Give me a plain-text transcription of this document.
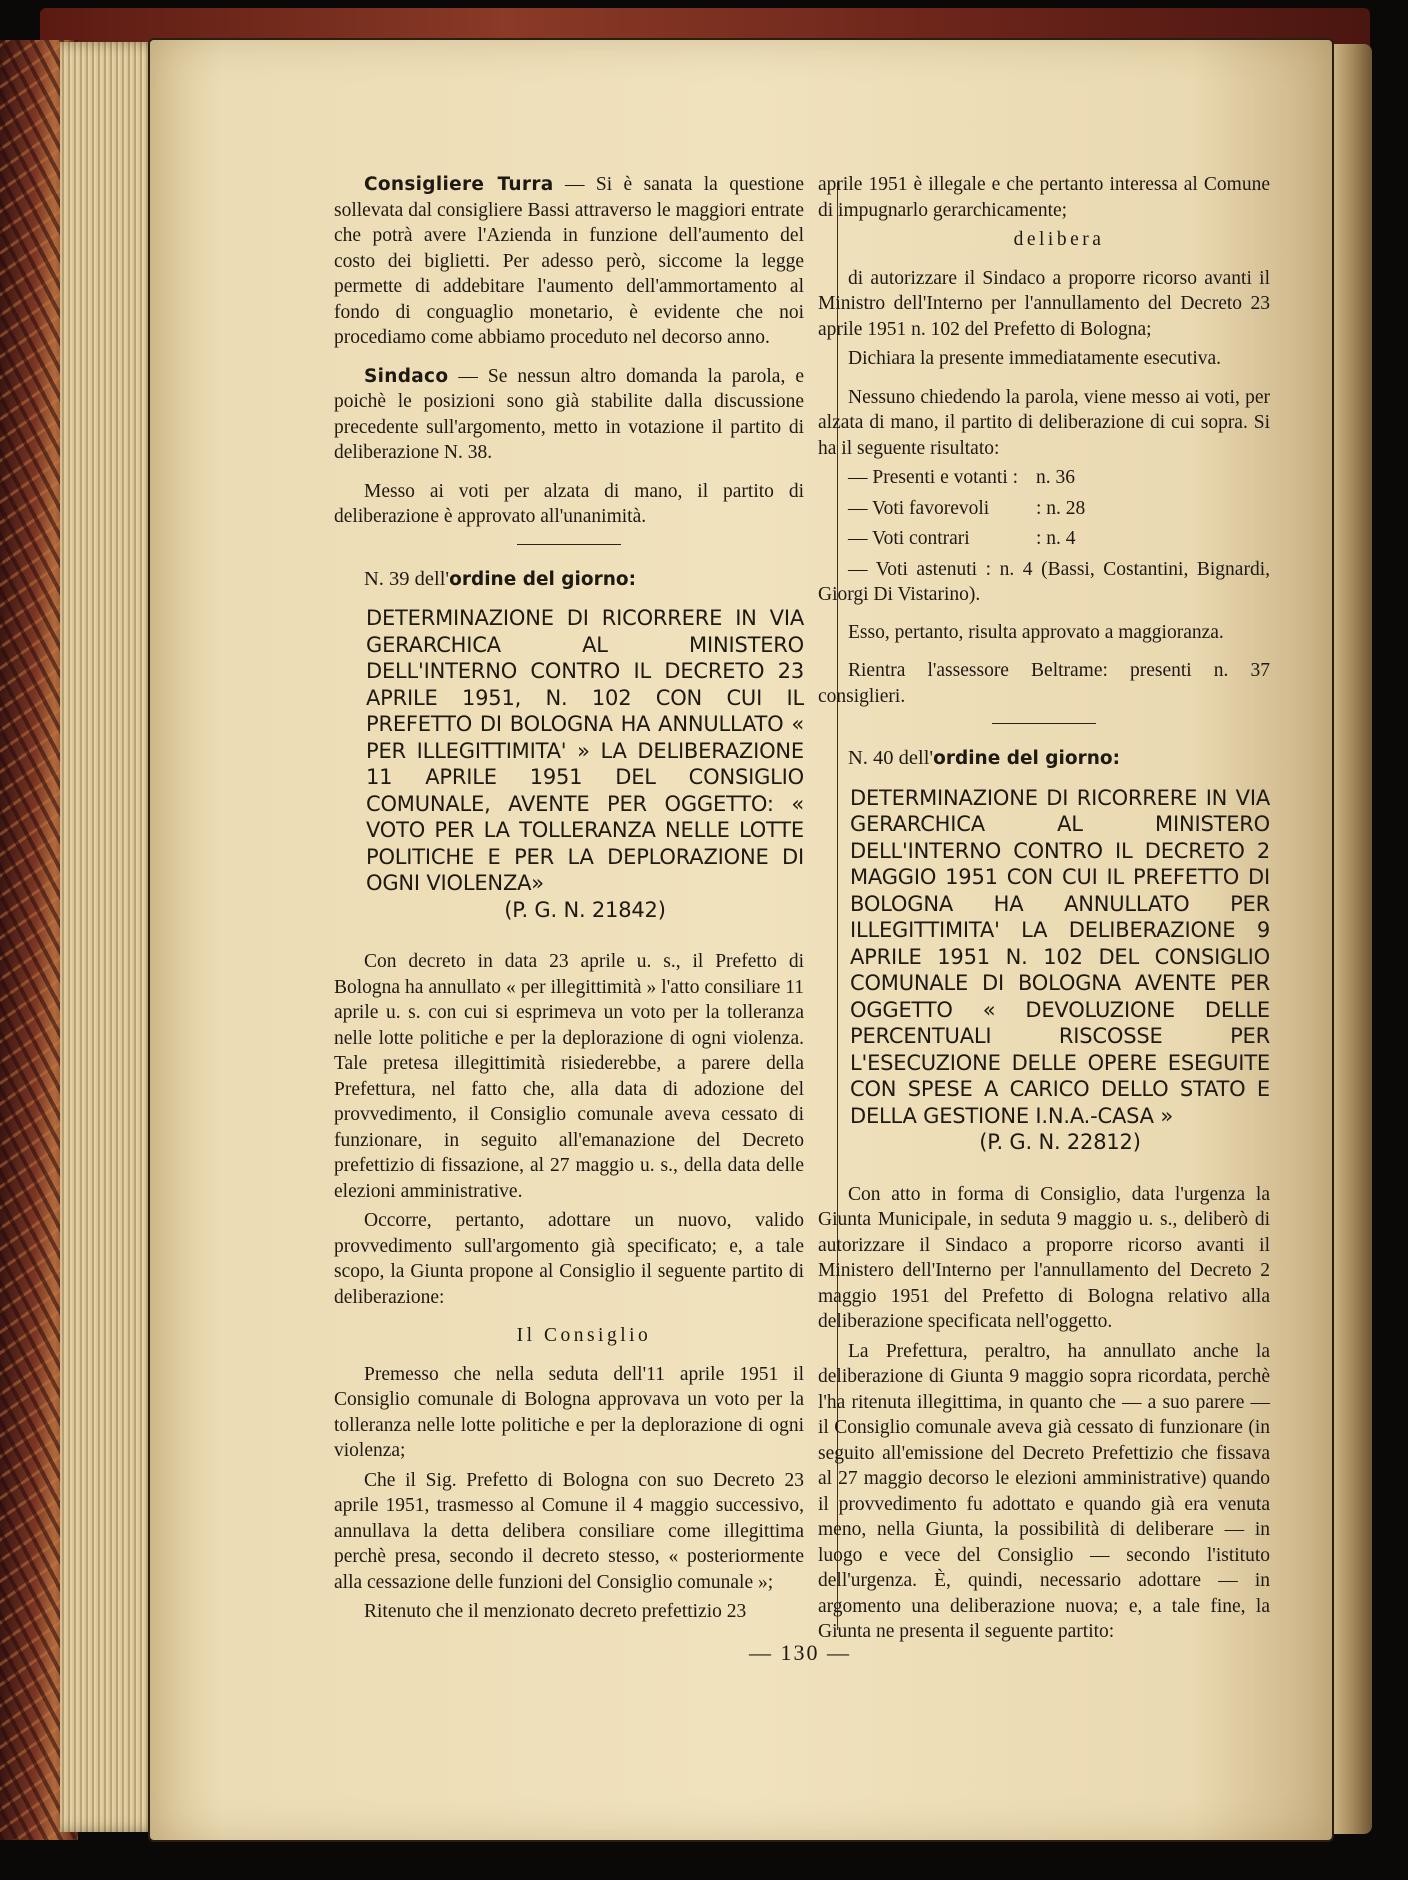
Consigliere Turra — Si è sanata la questione sollevata dal consigliere Bassi attraverso le maggiori entrate che potrà avere l'Azienda in funzione dell'aumento del costo dei biglietti. Per adesso però, siccome la legge permette di addebitare l'aumento dell'ammortamento al fondo di conguaglio monetario, è evidente che noi procediamo come abbiamo proceduto nel decorso anno.

Sindaco — Se nessun altro domanda la parola, e poichè le posizioni sono già stabilite dalla discussione precedente sull'argomento, metto in votazione il partito di deliberazione N. 38.

Messo ai voti per alzata di mano, il partito di deliberazione è approvato all'unanimità.

N. 39 dell'ordine del giorno:

DETERMINAZIONE DI RICORRERE IN VIA GERARCHICA AL MINISTERO DELL'INTERNO CONTRO IL DECRETO 23 APRILE 1951, N. 102 CON CUI IL PREFETTO DI BOLOGNA HA ANNULLATO « PER ILLEGITTIMITA' » LA DELIBERAZIONE 11 APRILE 1951 DEL CONSIGLIO COMUNALE, AVENTE PER OGGETTO: « VOTO PER LA TOLLERANZA NELLE LOTTE POLITICHE E PER LA DEPLORAZIONE DI OGNI VIOLENZA»
(P. G. N. 21842)

Con decreto in data 23 aprile u. s., il Prefetto di Bologna ha annullato « per illegittimità » l'atto consiliare 11 aprile u. s. con cui si esprimeva un voto per la tolleranza nelle lotte politiche e per la deplorazione di ogni violenza. Tale pretesa illegittimità risiederebbe, a parere della Prefettura, nel fatto che, alla data di adozione del provvedimento, il Consiglio comunale aveva cessato di funzionare, in seguito all'emanazione del Decreto prefettizio di fissazione, al 27 maggio u. s., della data delle elezioni amministrative.

Occorre, pertanto, adottare un nuovo, valido provvedimento sull'argomento già specificato; e, a tale scopo, la Giunta propone al Consiglio il seguente partito di deliberazione:

Il Consiglio

Premesso che nella seduta dell'11 aprile 1951 il Consiglio comunale di Bologna approvava un voto per la tolleranza nelle lotte politiche e per la deplorazione di ogni violenza;

Che il Sig. Prefetto di Bologna con suo Decreto 23 aprile 1951, trasmesso al Comune il 4 maggio successivo, annullava la detta delibera consiliare come illegittima perchè presa, secondo il decreto stesso, « posteriormente alla cessazione delle funzioni del Consiglio comunale »;

Ritenuto che il menzionato decreto prefettizio 23

aprile 1951 è illegale e che pertanto interessa al Comune di impugnarlo gerarchicamente;

delibera

di autorizzare il Sindaco a proporre ricorso avanti il Ministro dell'Interno per l'annullamento del Decreto 23 aprile 1951 n. 102 del Prefetto di Bologna;

Dichiara la presente immediatamente esecutiva.

Nessuno chiedendo la parola, viene messo ai voti, per alzata di mano, il partito di deliberazione di cui sopra. Si ha il seguente risultato:

— Presenti e votanti : n. 36
— Voti favorevoli	: n. 28
— Voti contrari	: n. 4

— Voti astenuti : n. 4 (Bassi, Costantini, Bignardi, Giorgi Di Vistarino).

Esso, pertanto, risulta approvato a maggioranza.

Rientra l'assessore Beltrame: presenti n. 37 consiglieri.

N. 40 dell'ordine del giorno:

DETERMINAZIONE DI RICORRERE IN VIA GERARCHICA AL MINISTERO DELL'INTERNO CONTRO IL DECRETO 2 MAGGIO 1951 CON CUI IL PREFETTO DI BOLOGNA HA ANNULLATO PER ILLEGITTIMITA' LA DELIBERAZIONE 9 APRILE 1951 N. 102 DEL CONSIGLIO COMUNALE DI BOLOGNA AVENTE PER OGGETTO « DEVOLUZIONE DELLE PERCENTUALI RISCOSSE PER L'ESECUZIONE DELLE OPERE ESEGUITE CON SPESE A CARICO DELLO STATO E DELLA GESTIONE I.N.A.-CASA »
(P. G. N. 22812)

Con atto in forma di Consiglio, data l'urgenza la Giunta Municipale, in seduta 9 maggio u. s., deliberò di autorizzare il Sindaco a proporre ricorso avanti il Ministero dell'Interno per l'annullamento del Decreto 2 maggio 1951 del Prefetto di Bologna relativo alla deliberazione specificata nell'oggetto.

La Prefettura, peraltro, ha annullato anche la deliberazione di Giunta 9 maggio sopra ricordata, perchè l'ha ritenuta illegittima, in quanto che — a suo parere — il Consiglio comunale aveva già cessato di funzionare (in seguito all'emissione del Decreto Prefettizio che fissava al 27 maggio decorso le elezioni amministrative) quando il provvedimento fu adottato e quando già era venuta meno, nella Giunta, la possibilità di deliberare — in luogo e vece del Consiglio — secondo l'istituto dell'urgenza. È, quindi, necessario adottare — in argomento una deliberazione nuova; e, a tale fine, la Giunta ne presenta il seguente partito:

— 130 —
